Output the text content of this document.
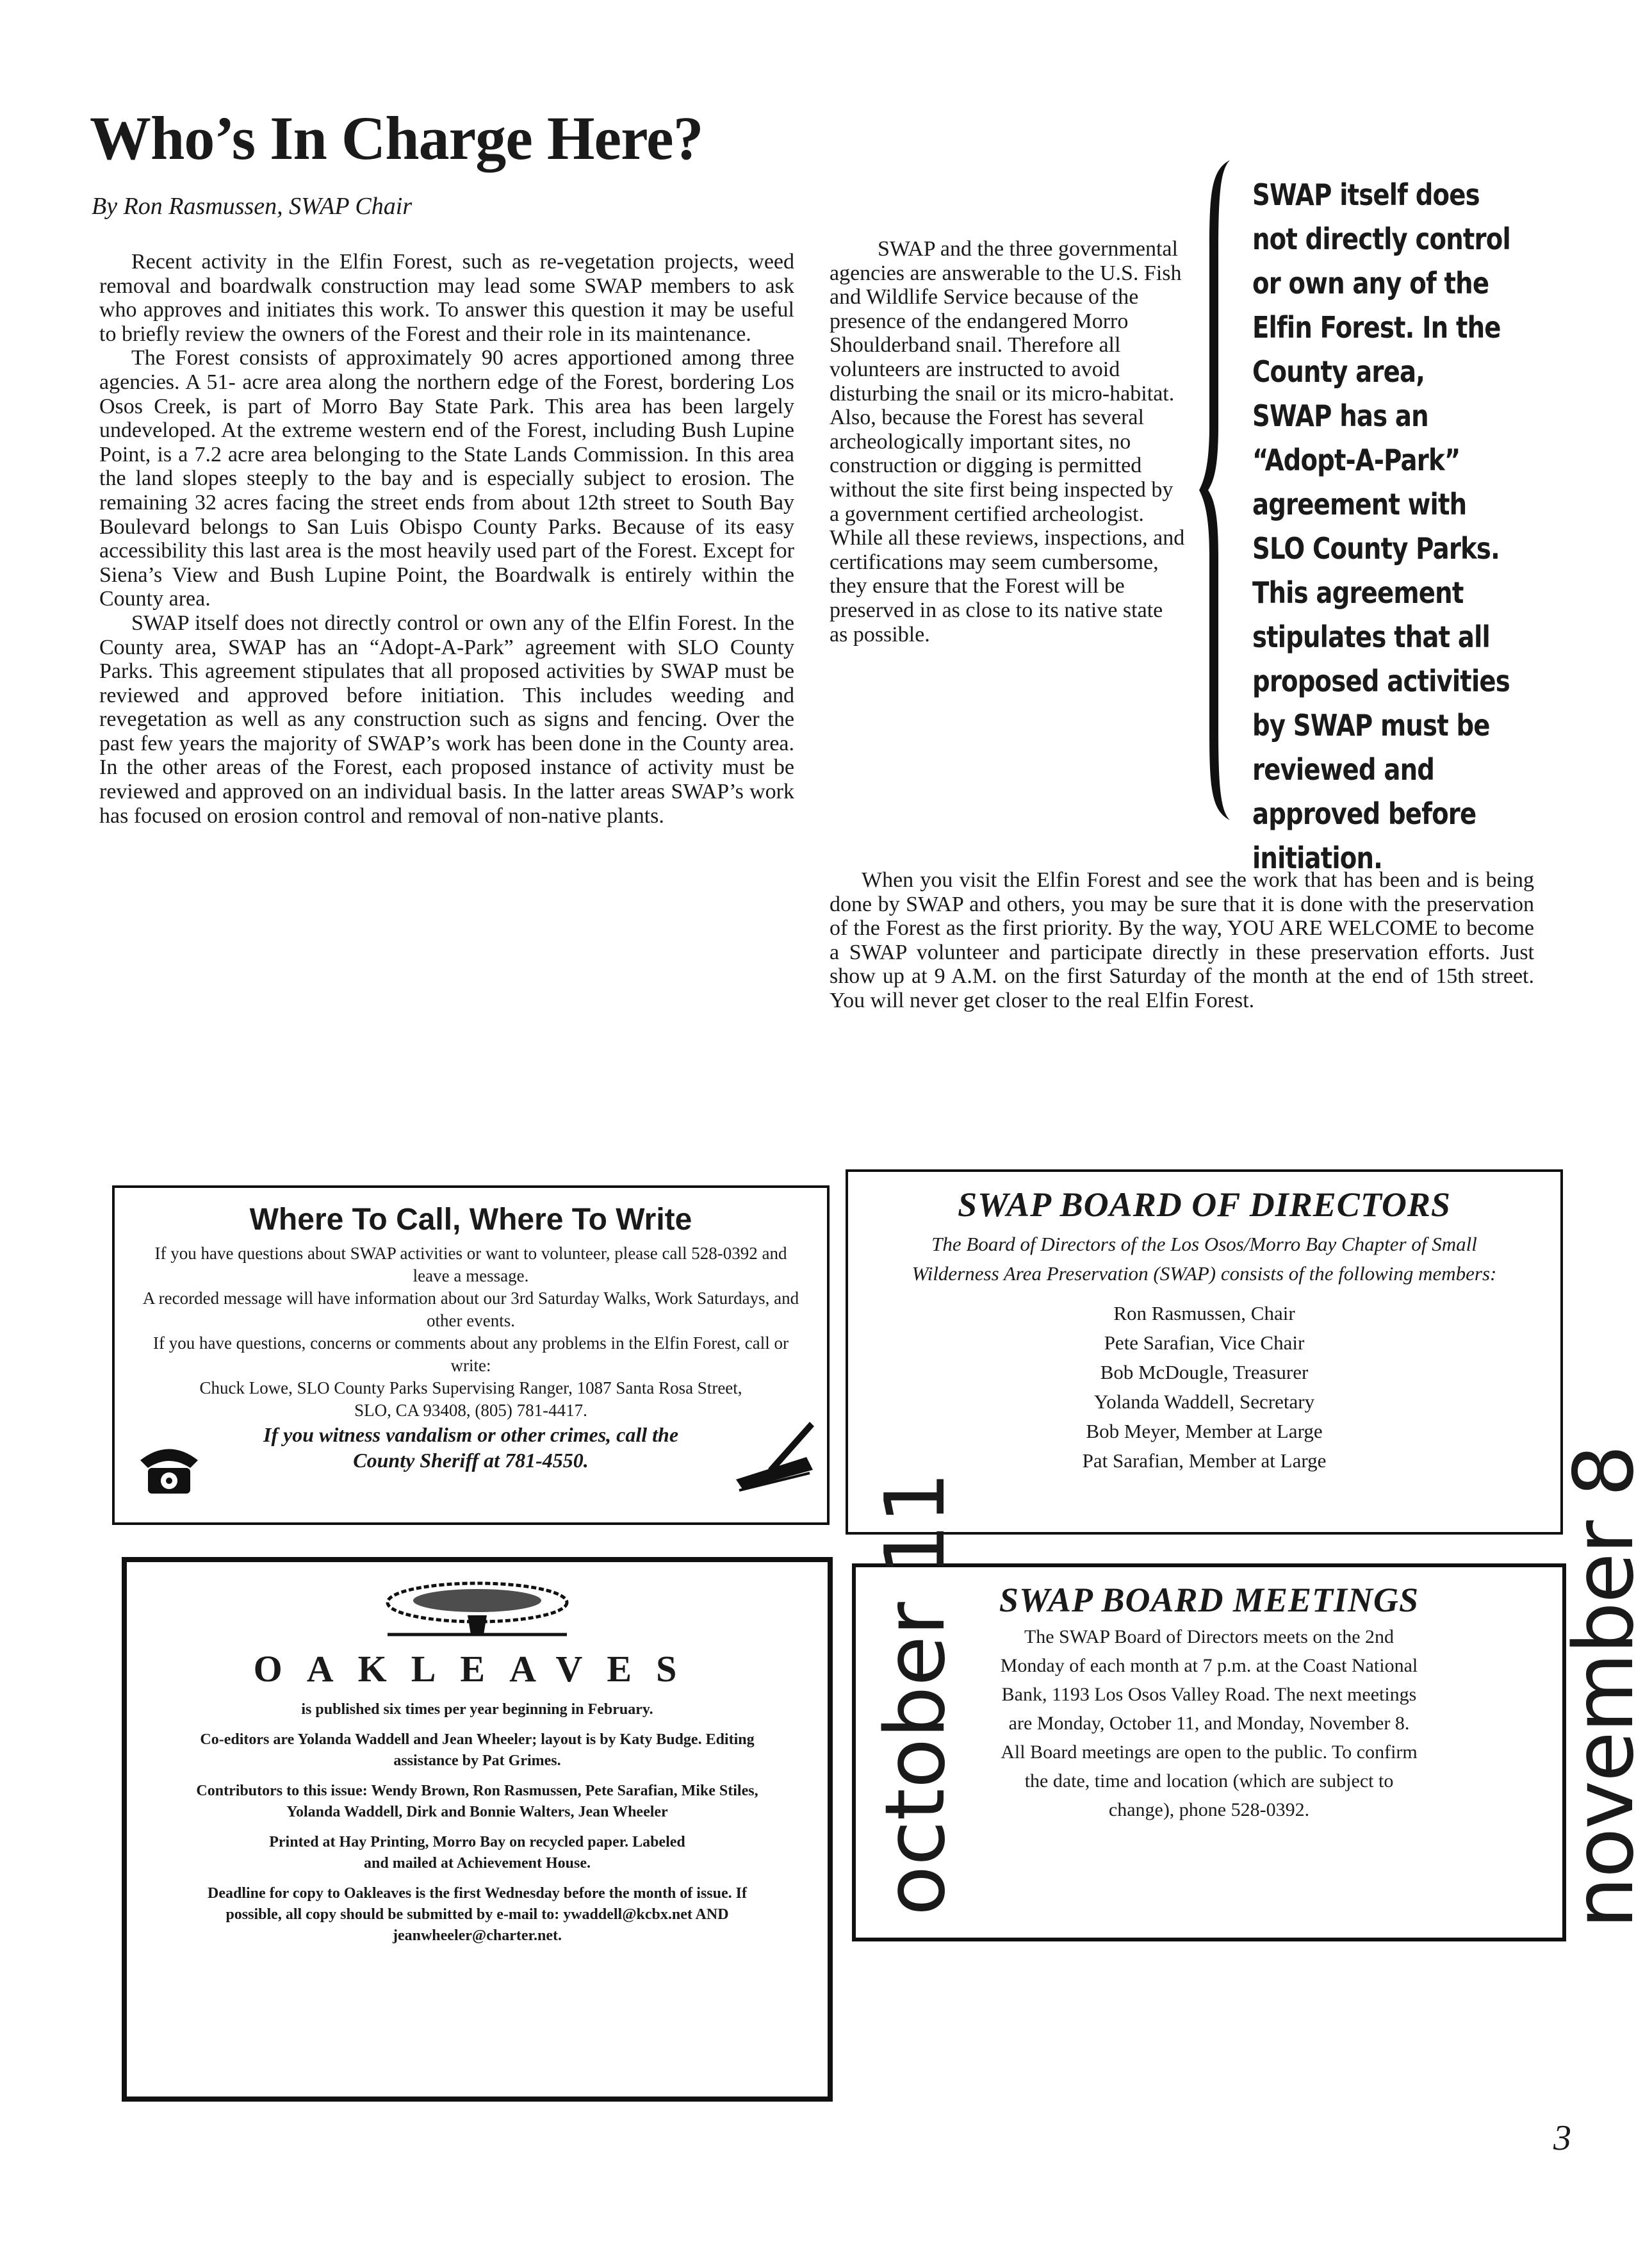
Who’s In Charge Here?

By Ron Rasmussen, SWAP Chair

Recent activity in the Elfin Forest, such as re-vegetation projects, weed removal and boardwalk construction may lead some SWAP members to ask who approves and initiates this work. To answer this question it may be useful to briefly review the owners of the Forest and their role in its maintenance.

The Forest consists of approximately 90 acres apportioned among three agencies. A 51- acre area along the northern edge of the Forest, bordering Los Osos Creek, is part of Morro Bay State Park. This area has been largely undeveloped. At the extreme western end of the Forest, including Bush Lupine Point, is a 7.2 acre area belonging to the State Lands Commission. In this area the land slopes steeply to the bay and is especially subject to erosion. The remaining 32 acres facing the street ends from about 12th street to South Bay Boulevard belongs to San Luis Obispo County Parks. Because of its easy accessibility this last area is the most heavily used part of the Forest. Except for Siena’s View and Bush Lupine Point, the Boardwalk is entirely within the County area.

SWAP itself does not directly control or own any of the Elfin Forest. In the County area, SWAP has an “Adopt-A-Park” agreement with SLO County Parks. This agreement stipulates that all proposed activities by SWAP must be reviewed and approved before initiation. This includes weeding and revegetation as well as any construction such as signs and fencing. Over the past few years the majority of SWAP’s work has been done in the County area. In the other areas of the Forest, each proposed instance of activity must be reviewed and approved on an individual basis. In the latter areas SWAP’s work has focused on erosion control and removal of non-native plants.

SWAP and the three governmental agencies are answerable to the U.S. Fish and Wildlife Service because of the presence of the endangered Morro Shoulderband snail. Therefore all volunteers are instructed to avoid disturbing the snail or its micro-habitat. Also, because the Forest has several archeologically important sites, no construction or digging is permitted without the site first being inspected by a government certified archeologist. While all these reviews, inspections, and certifications may seem cumbersome, they ensure that the Forest will be preserved in as close to its native state as possible.

When you visit the Elfin Forest and see the work that has been and is being done by SWAP and others, you may be sure that it is done with the preservation of the Forest as the first priority. By the way, YOU ARE WELCOME to become a SWAP volunteer and participate directly in these preservation efforts. Just show up at 9 A.M. on the first Saturday of the month at the end of 15th street. You will never get closer to the real Elfin Forest.

SWAP itself does not directly control or own any of the Elfin Forest. In the County area, SWAP has an “Adopt-A-Park” agreement with SLO County Parks. This agreement stipulates that all proposed activities by SWAP must be reviewed and approved before initiation.
Where To Call, Where To Write
If you have questions about SWAP activities or want to volunteer, please call 528-0392 and leave a message.
A recorded message will have information about our 3rd Saturday Walks, Work Saturdays, and other events.
If you have questions, concerns or comments about any problems in the Elfin Forest, call or write:
Chuck Lowe, SLO County Parks Supervising Ranger, 1087 Santa Rosa Street, SLO, CA 93408, (805) 781-4417.
If you witness vandalism or other crimes, call the County Sheriff at 781-4550.
SWAP BOARD OF DIRECTORS
The Board of Directors of the Los Osos/Morro Bay Chapter of Small Wilderness Area Preservation (SWAP) consists of the following members:
Ron Rasmussen, Chair
Pete Sarafian, Vice Chair
Bob McDougle, Treasurer
Yolanda Waddell, Secretary
Bob Meyer, Member at Large
Pat Sarafian, Member at Large
OAKLEAVES
is published six times per year beginning in February.
Co-editors are Yolanda Waddell and Jean Wheeler; layout is by Katy Budge. Editing assistance by Pat Grimes.
Contributors to this issue: Wendy Brown, Ron Rasmussen, Pete Sarafian, Mike Stiles, Yolanda Waddell, Dirk and Bonnie Walters, Jean Wheeler
Printed at Hay Printing, Morro Bay on recycled paper. Labeled and mailed at Achievement House.
Deadline for copy to Oakleaves is the first Wednesday before the month of issue. If possible, all copy should be submitted by e-mail to: ywaddell@kcbx.net AND jeanwheeler@charter.net.
SWAP BOARD MEETINGS
The SWAP Board of Directors meets on the 2nd Monday of each month at 7 p.m. at the Coast National Bank, 1193 Los Osos Valley Road. The next meetings are Monday, October 11, and Monday, November 8. All Board meetings are open to the public. To confirm the date, time and location (which are subject to change), phone 528-0392.
october 11	november 8
3
